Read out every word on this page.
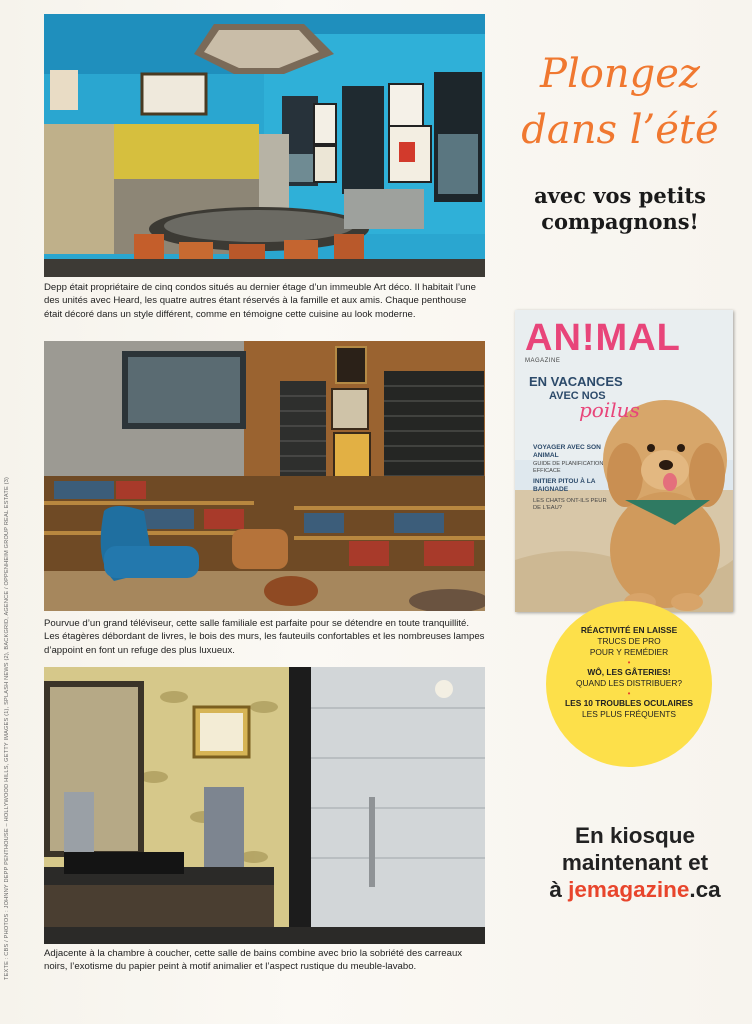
Depp était propriétaire de cinq condos situés au dernier étage d’un immeuble Art déco. Il habitait l’une des unités avec Heard, les quatre autres étant réservés à la famille et aux amis. Chaque penthouse était décoré dans un style différent, comme en témoigne cette cuisine au look moderne.
Pourvue d’un grand téléviseur, cette salle familiale est parfaite pour se détendre en toute tranquillité. Les étagères débordant de livres, le bois des murs, les fauteuils confortables et les nombreuses lampes d’appoint en font un refuge des plus luxueux.
Adjacente à la chambre à coucher, cette salle de bains combine avec brio la sobriété des carreaux noirs, l’exotisme du papier peint à motif animalier et l’aspect rustique du meuble-lavabo.
TEXTE : CBS / PHOTOS : JOHNNY DEPP PENTHOUSE – HOLLYWOOD HILLS, GETTY IMAGES (1), SPLASH NEWS (2), BACKGRID, AGENCE / OPPENHEIM GROUP REAL ESTATE (3)
Plongez
dans l’été
avec vos petits compagnons!
AN!MAL
MAGAZINE
EN VACANCES
AVEC NOS
poilus
VOYAGER AVEC SON ANIMAL
GUIDE DE PLANIFICATION EFFICACE
INITIER PITOU À LA BAIGNADE
LES CHATS ONT-ILS PEUR DE L’EAU?
RÉACTIVITÉ EN LAISSE
TRUCS DE PRO
POUR Y REMÉDIER
•
WÔ, LES GÂTERIES!
QUAND LES DISTRIBUER?
•
LES 10 TROUBLES OCULAIRES
LES PLUS FRÉQUENTS
En kiosque
maintenant et
à jemagazine.ca
